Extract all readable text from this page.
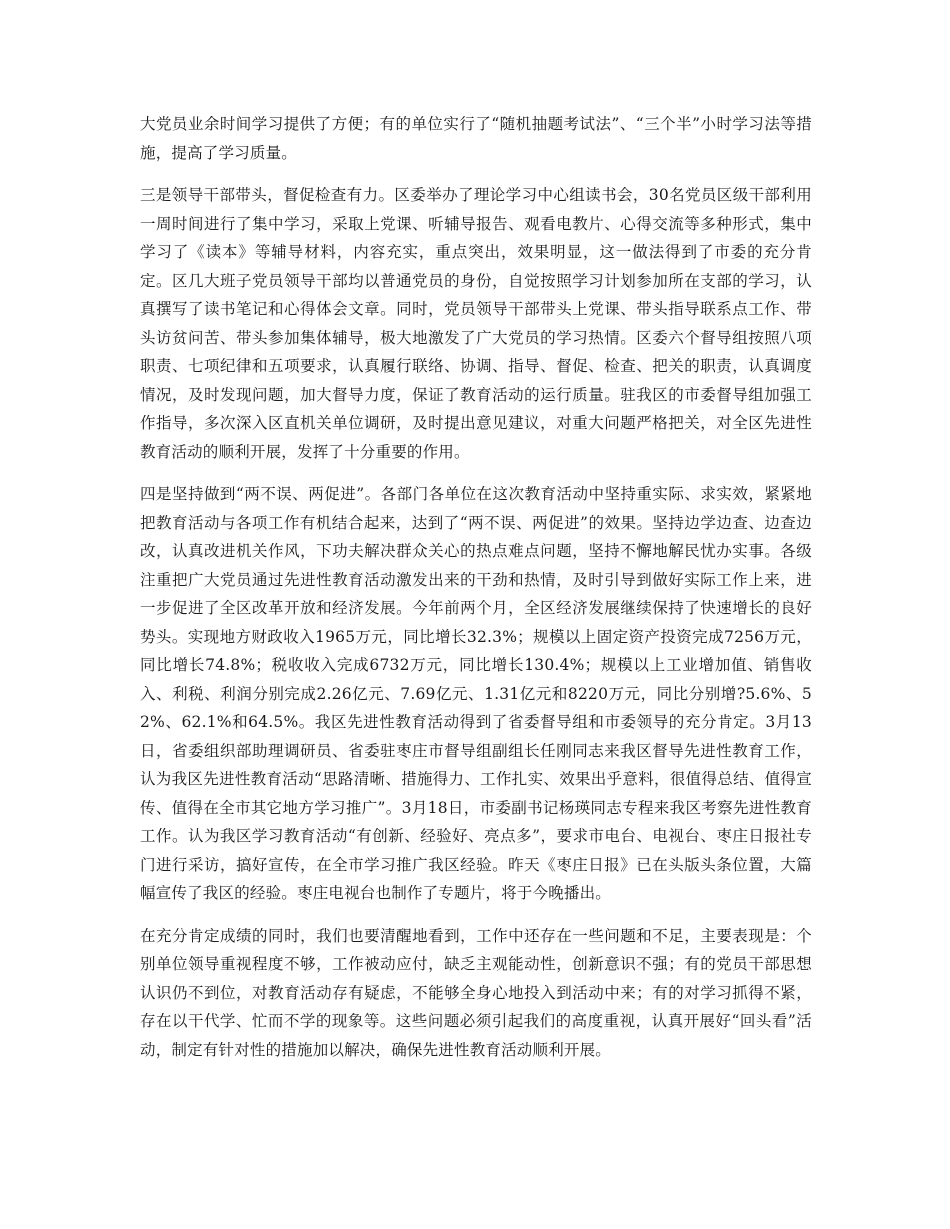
大党员业余时间学习提供了方便；有的单位实行了“随机抽题考试法”、“三个半”小时学习法等措施，提高了学习质量。

三是领导干部带头，督促检查有力。区委举办了理论学习中心组读书会，30名党员区级干部利用一周时间进行了集中学习，采取上党课、听辅导报告、观看电教片、心得交流等多种形式，集中学习了《读本》等辅导材料，内容充实，重点突出，效果明显，这一做法得到了市委的充分肯定。区几大班子党员领导干部均以普通党员的身份，自觉按照学习计划参加所在支部的学习，认真撰写了读书笔记和心得体会文章。同时，党员领导干部带头上党课、带头指导联系点工作、带头访贫问苦、带头参加集体辅导，极大地激发了广大党员的学习热情。区委六个督导组按照八项职责、七项纪律和五项要求，认真履行联络、协调、指导、督促、检查、把关的职责，认真调度情况，及时发现问题，加大督导力度，保证了教育活动的运行质量。驻我区的市委督导组加强工作指导，多次深入区直机关单位调研，及时提出意见建议，对重大问题严格把关，对全区先进性教育活动的顺利开展，发挥了十分重要的作用。

四是坚持做到“两不误、两促进”。各部门各单位在这次教育活动中坚持重实际、求实效，紧紧地把教育活动与各项工作有机结合起来，达到了“两不误、两促进”的效果。坚持边学边查、边查边改，认真改进机关作风，下功夫解决群众关心的热点难点问题，坚持不懈地解民忧办实事。各级注重把广大党员通过先进性教育活动激发出来的干劲和热情，及时引导到做好实际工作上来，进一步促进了全区改革开放和经济发展。今年前两个月，全区经济发展继续保持了快速增长的良好势头。实现地方财政收入1965万元，同比增长32.3%；规模以上固定资产投资完成7256万元，同比增长74.8%；税收收入完成6732万元，同比增长130.4%；规模以上工业增加值、销售收入、利税、利润分别完成2.26亿元、7.69亿元、1.31亿元和8220万元，同比分别增?5.6%、52%、62.1%和64.5%。我区先进性教育活动得到了省委督导组和市委领导的充分肯定。3月13日，省委组织部助理调研员、省委驻枣庄市督导组副组长任刚同志来我区督导先进性教育工作，认为我区先进性教育活动“思路清晰、措施得力、工作扎实、效果出乎意料，很值得总结、值得宣传、值得在全市其它地方学习推广”。3月18日，市委副书记杨瑛同志专程来我区考察先进性教育工作。认为我区学习教育活动“有创新、经验好、亮点多”，要求市电台、电视台、枣庄日报社专门进行采访，搞好宣传，在全市学习推广我区经验。昨天《枣庄日报》已在头版头条位置，大篇幅宣传了我区的经验。枣庄电视台也制作了专题片，将于今晚播出。

在充分肯定成绩的同时，我们也要清醒地看到，工作中还存在一些问题和不足，主要表现是：个别单位领导重视程度不够，工作被动应付，缺乏主观能动性，创新意识不强；有的党员干部思想认识仍不到位，对教育活动存有疑虑，不能够全身心地投入到活动中来；有的对学习抓得不紧，存在以干代学、忙而不学的现象等。这些问题必须引起我们的高度重视，认真开展好“回头看”活动，制定有针对性的措施加以解决，确保先进性教育活动顺利开展。
